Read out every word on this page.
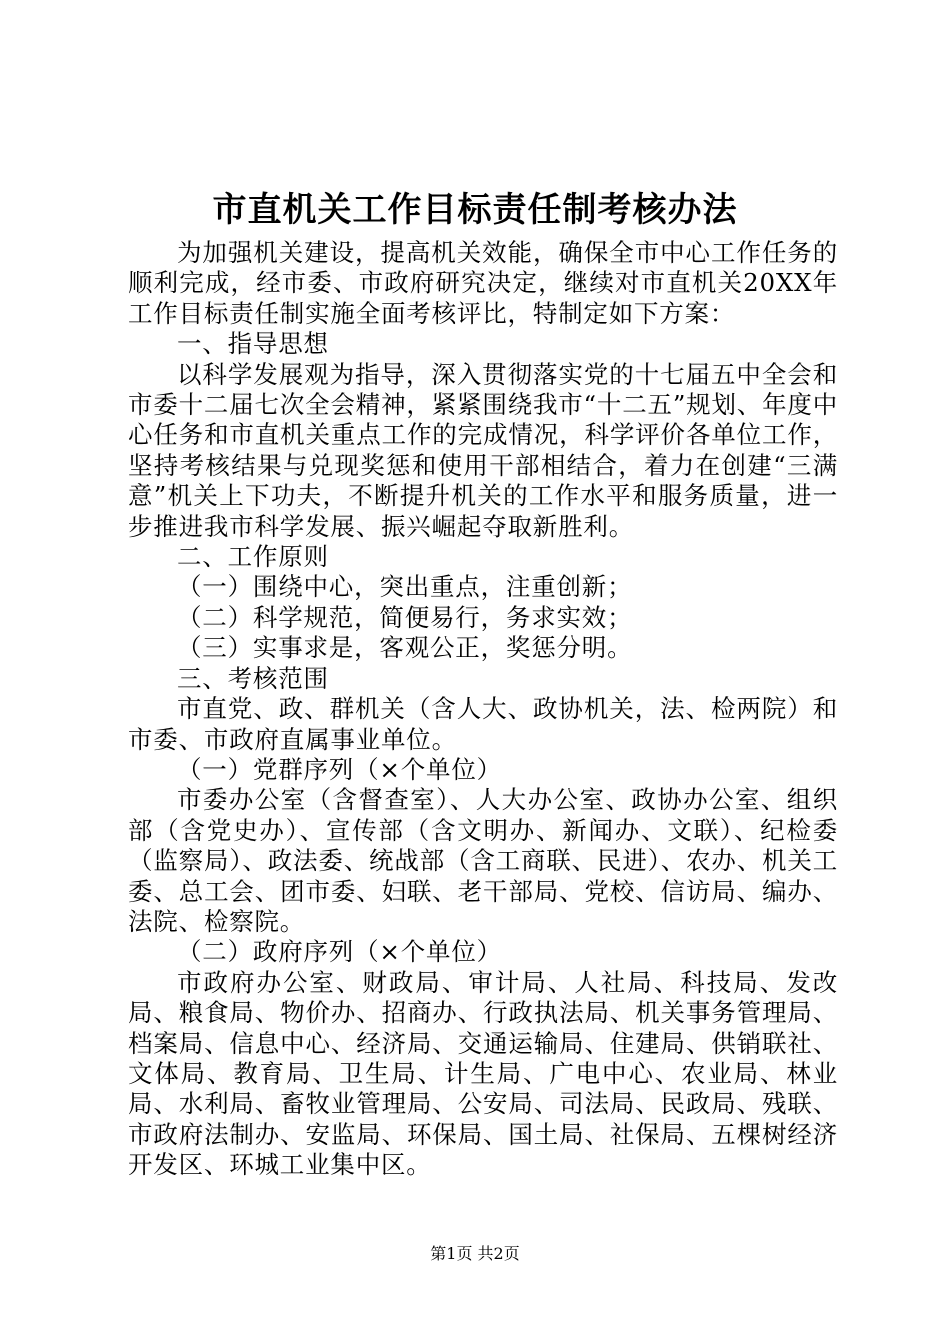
市直机关工作目标责任制考核办法

为加强机关建设，提高机关效能，确保全市中心工作任务的顺利完成，经市委、市政府研究决定，继续对市直机关20XX年工作目标责任制实施全面考核评比，特制定如下方案：

一、指导思想

以科学发展观为指导，深入贯彻落实党的十七届五中全会和市委十二届七次全会精神，紧紧围绕我市“十二五”规划、年度中心任务和市直机关重点工作的完成情况，科学评价各单位工作，坚持考核结果与兑现奖惩和使用干部相结合，着力在创建“三满意”机关上下功夫，不断提升机关的工作水平和服务质量，进一步推进我市科学发展、振兴崛起夺取新胜利。

二、工作原则

（一）围绕中心，突出重点，注重创新；

（二）科学规范，简便易行，务求实效；

（三）实事求是，客观公正，奖惩分明。

三、考核范围

市直党、政、群机关（含人大、政协机关，法、检两院）和市委、市政府直属事业单位。

（一）党群序列（×个单位）

市委办公室（含督查室）、人大办公室、政协办公室、组织部（含党史办）、宣传部（含文明办、新闻办、文联）、纪检委（监察局）、政法委、统战部（含工商联、民进）、农办、机关工委、总工会、团市委、妇联、老干部局、党校、信访局、编办、法院、检察院。

（二）政府序列（×个单位）

市政府办公室、财政局、审计局、人社局、科技局、发改局、粮食局、物价办、招商办、行政执法局、机关事务管理局、档案局、信息中心、经济局、交通运输局、住建局、供销联社、文体局、教育局、卫生局、计生局、广电中心、农业局、林业局、水利局、畜牧业管理局、公安局、司法局、民政局、残联、市政府法制办、安监局、环保局、国土局、社保局、五棵树经济开发区、环城工业集中区。

第1页 共2页
